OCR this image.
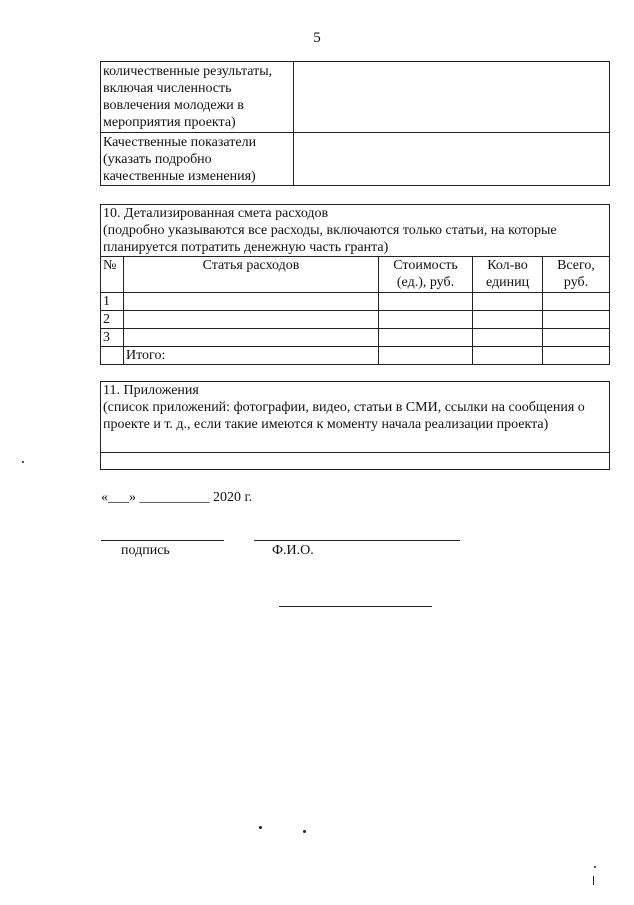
5
количественные результаты, включая численность вовлечения молодежи в мероприятия проекта)	
Качественные показатели (указать подробно качественные изменения)	
10. Детализированная смета расходов
(подробно указываются все расходы, включаются только статьи, на которые планируется потратить денежную часть гранта)				

№	Статья расходов	Стоимость (ед.), руб.	Кол-во единиц	Всего, руб.
1				
2				
3				
	Итого:			
11. Приложения
(список приложений: фотографии, видео, статьи в СМИ, ссылки на сообщения о проекте и т. д., если такие имеются к моменту начала реализации проекта)

«___» __________ 2020 г.
подпись	Ф.И.О.
